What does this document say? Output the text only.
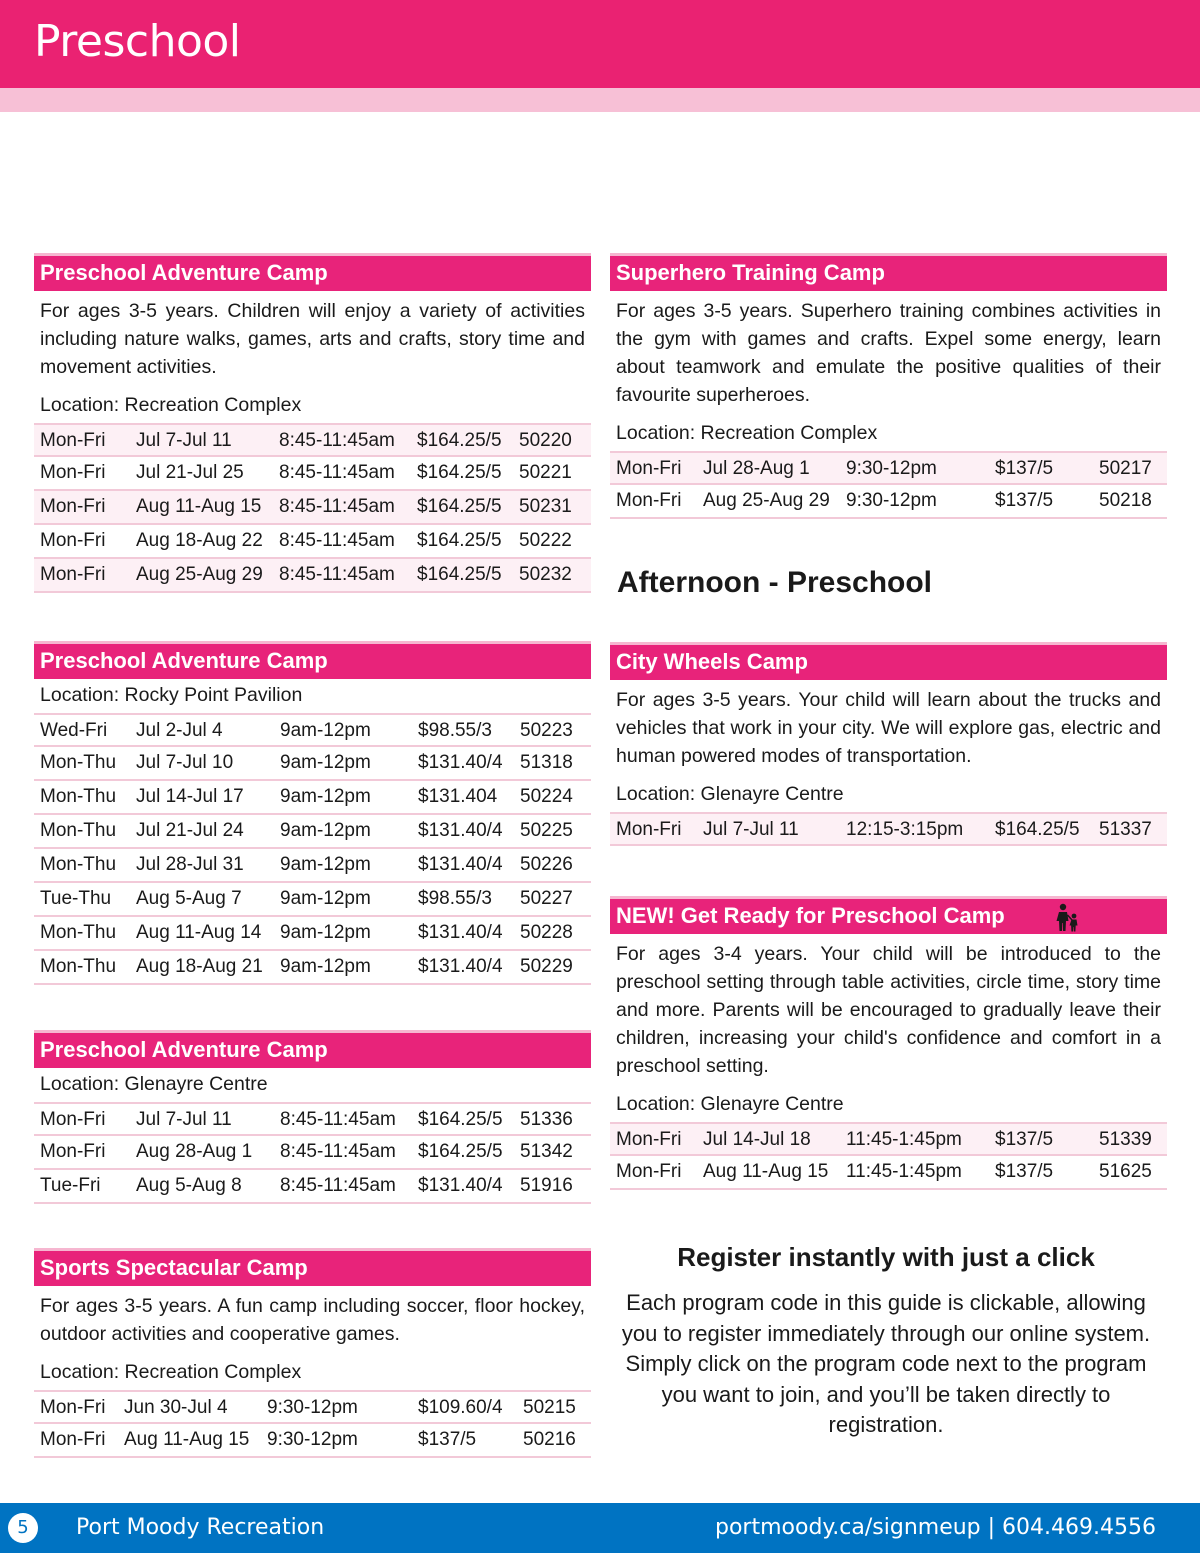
Preschool
Preschool Adventure Camp

For ages 3-5 years. Children will enjoy a variety of activities including nature walks, games, arts and crafts, story time and movement activities.

Location: Recreation Complex

Mon-Fri	Jul 7-Jul 11	8:45-11:45am	$164.25/5 50220
Mon-Fri	Jul 21-Jul 25	8:45-11:45am	$164.25/5 50221
Mon-Fri	Aug 11-Aug 15 8:45-11:45am	$164.25/5 50231
Mon-Fri	Aug 18-Aug 22 8:45-11:45am	$164.25/5 50222
Mon-Fri	Aug 25-Aug 29 8:45-11:45am	$164.25/5 50232
Preschool Adventure Camp

Location: Rocky Point Pavilion

Wed-Fri	Jul 2-Jul 4	9am-12pm	$98.55/3	50223
Mon-Thu	Jul 7-Jul 10	9am-12pm	$131.40/4 51318
Mon-Thu	Jul 14-Jul 17	9am-12pm	$131.404	50224
Mon-Thu	Jul 21-Jul 24	9am-12pm	$131.40/4 50225
Mon-Thu	Jul 28-Jul 31	9am-12pm	$131.40/4 50226
Tue-Thu	Aug 5-Aug 7	9am-12pm	$98.55/3	50227
Mon-Thu	Aug 11-Aug 14 9am-12pm	$131.40/4 50228
Mon-Thu	Aug 18-Aug 21 9am-12pm	$131.40/4 50229
Preschool Adventure Camp

Location: Glenayre Centre

Mon-Fri	Jul 7-Jul 11	8:45-11:45am	$164.25/5 51336
Mon-Fri	Aug 28-Aug 1	8:45-11:45am	$164.25/5 51342
Tue-Fri	Aug 5-Aug 8	8:45-11:45am	$131.40/4 51916
Sports Spectacular Camp

For ages 3-5 years. A fun camp including soccer, floor hockey, outdoor activities and cooperative games.

Location: Recreation Complex

Mon-Fri Jun 30-Jul 4	9:30-12pm	$109.60/4	50215
Mon-Fri Aug 11-Aug 15 9:30-12pm	$137/5	50216
Superhero Training Camp

For ages 3-5 years. Superhero training combines activities in the gym with games and crafts. Expel some energy, learn about teamwork and emulate the positive qualities of their favourite superheroes.

Location: Recreation Complex

Mon-Fri	Jul 28-Aug 1	9:30-12pm	$137/5	50217
Mon-Fri	Aug 25-Aug 29 9:30-12pm	$137/5	50218
Afternoon - Preschool
City Wheels Camp

For ages 3-5 years. Your child will learn about the trucks and vehicles that work in your city. We will explore gas, electric and human powered modes of transportation.

Location: Glenayre Centre

Mon-Fri	Jul 7-Jul 11	12:15-3:15pm	$164.25/5	51337
NEW! Get Ready for Preschool Camp

For ages 3-4 years. Your child will be introduced to the preschool setting through table activities, circle time, story time and more. Parents will be encouraged to gradually leave their children, increasing your child's confidence and comfort in a preschool setting.

Location: Glenayre Centre

Mon-Fri	Jul 14-Jul 18	11:45-1:45pm	$137/5	51339
Mon-Fri	Aug 11-Aug 15 11:45-1:45pm	$137/5	51625
Register instantly with just a click

Each program code in this guide is clickable, allowing you to register immediately through our online system. Simply click on the program code next to the program you want to join, and you’ll be taken directly to registration.

5	Port Moody Recreation	portmoody.ca/signmeup | 604.469.4556
